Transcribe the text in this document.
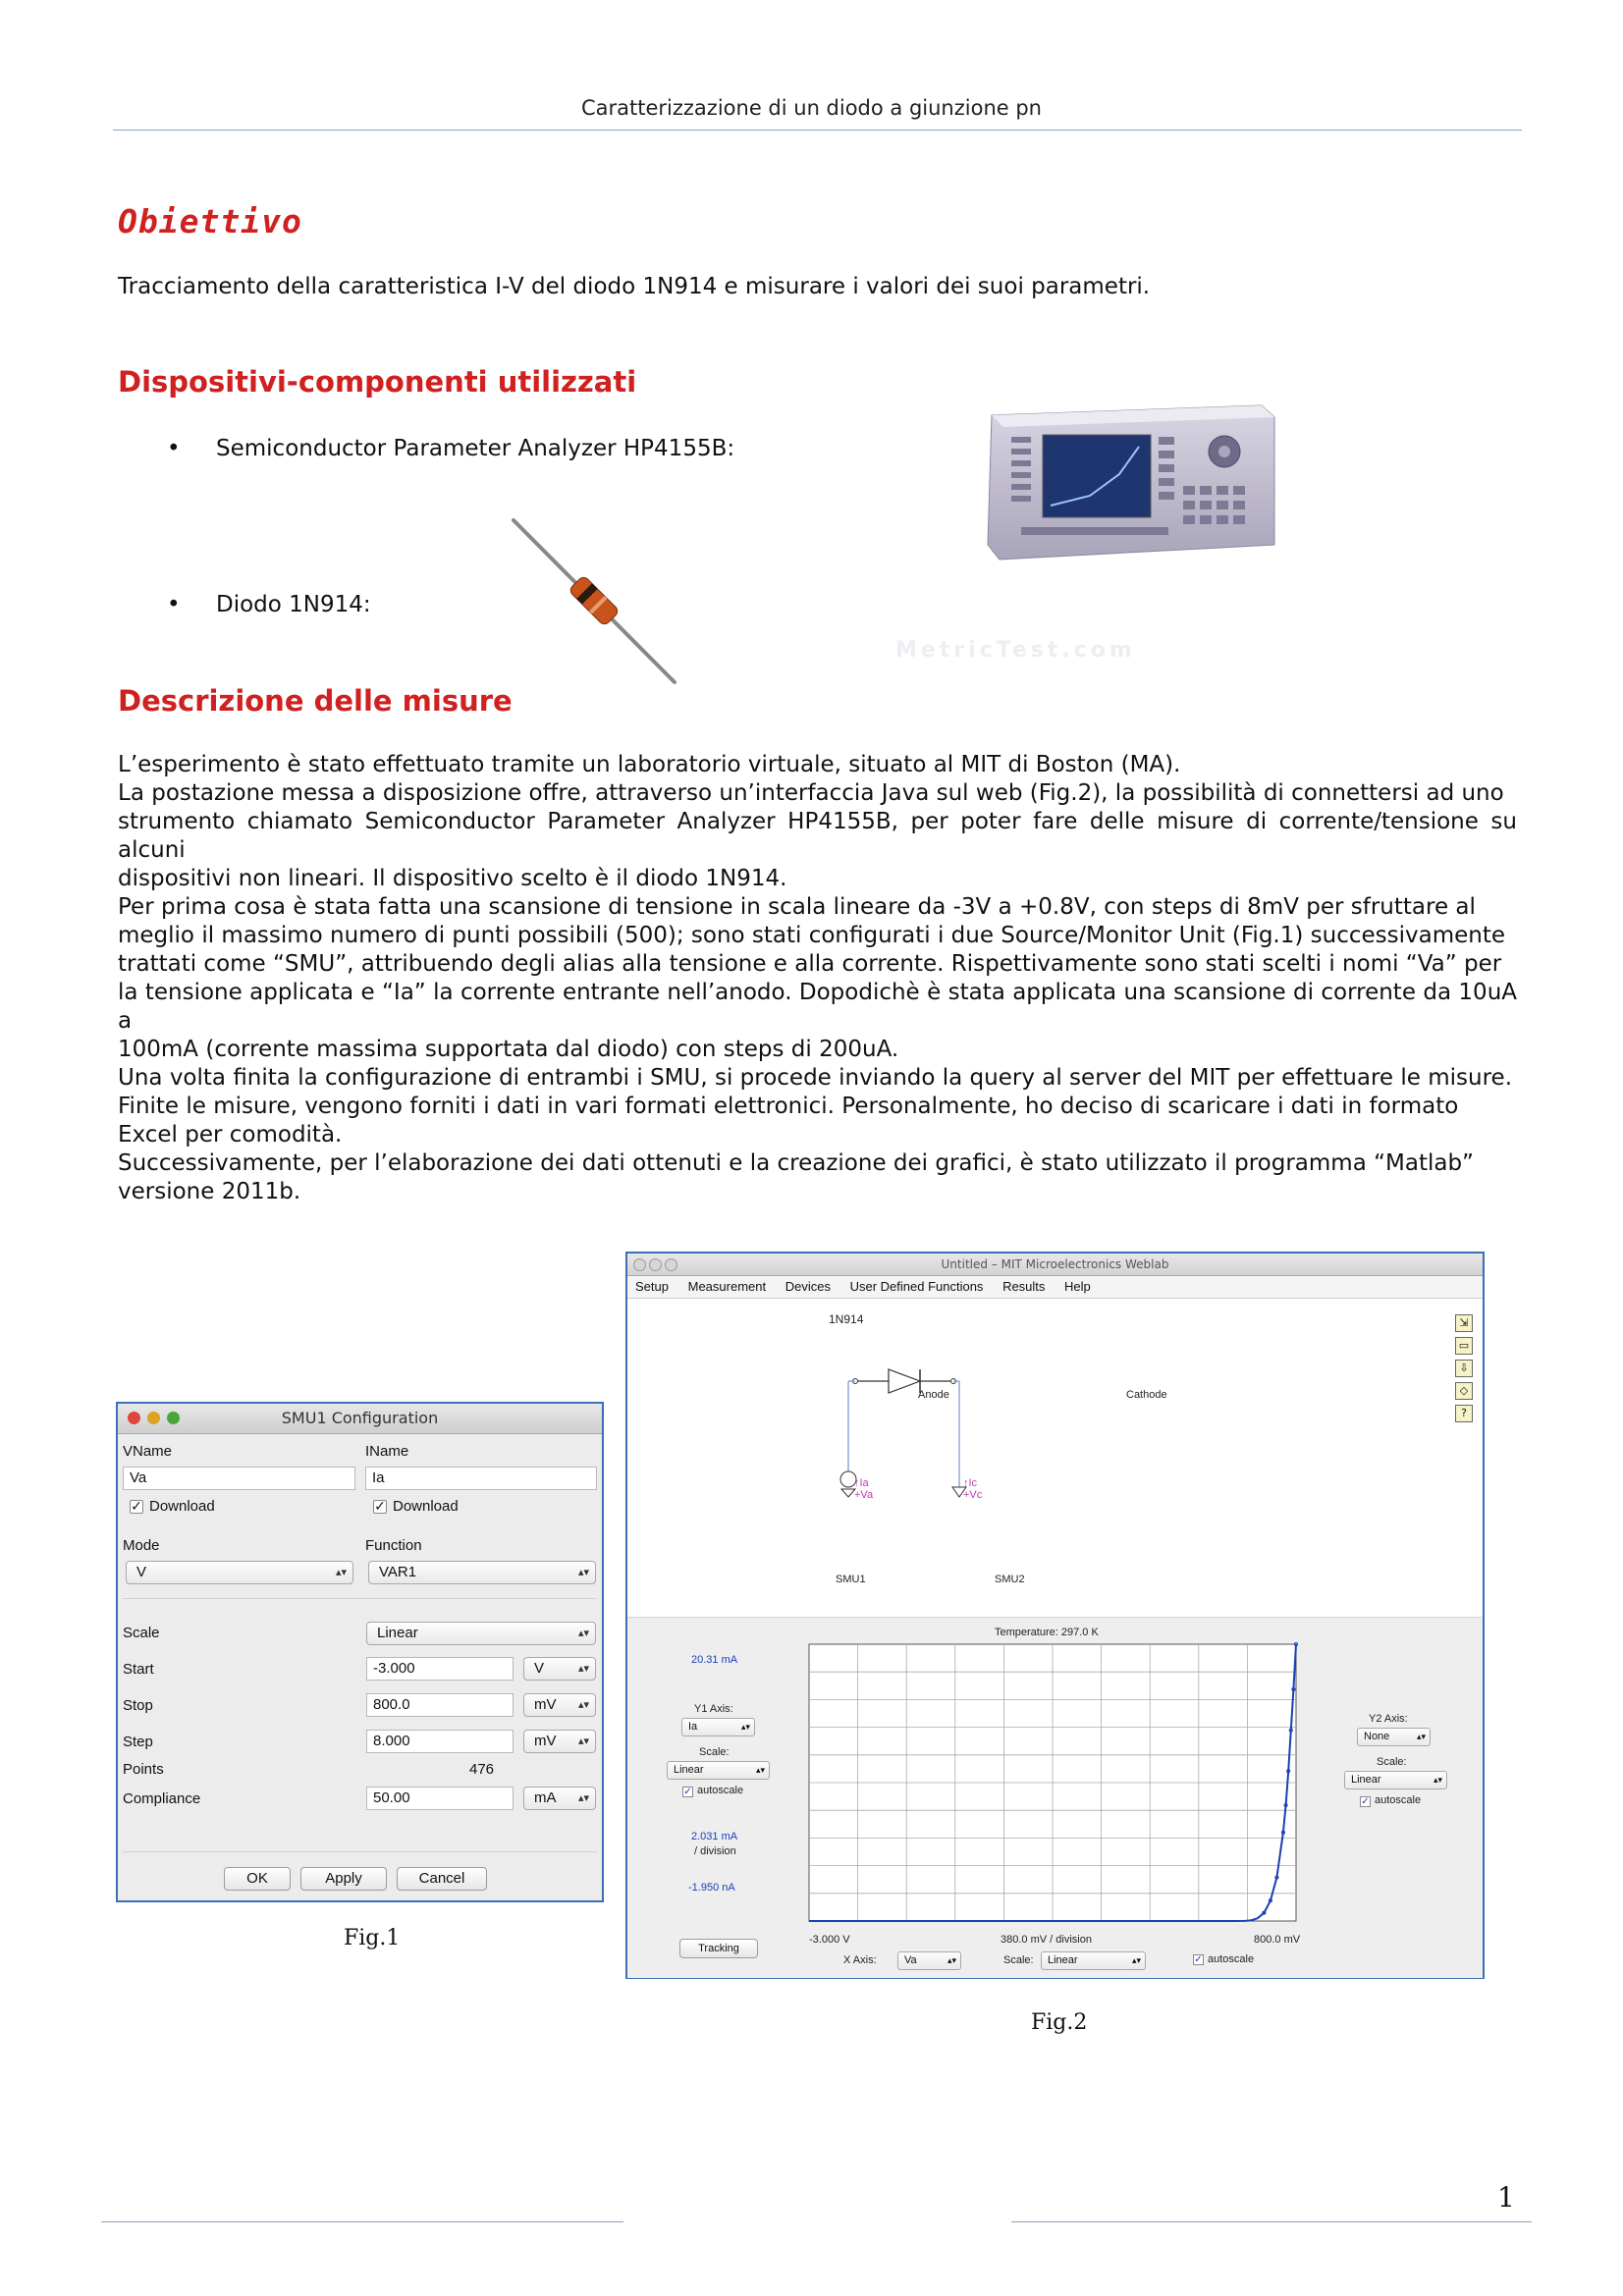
Caratterizzazione di un diodo a giunzione pn
Obiettivo
Tracciamento della caratteristica I-V del diodo 1N914 e misurare i valori dei suoi parametri.
Dispositivi-componenti utilizzati
• Semiconductor Parameter Analyzer HP4155B:
• Diodo 1N914:
MetricTest.com
Descrizione delle misure
L’esperimento è stato effettuato tramite un laboratorio virtuale, situato al MIT di Boston (MA).
La postazione messa a disposizione offre, attraverso un’interfaccia Java sul web (Fig.2), la possibilità di connettersi ad uno
strumento chiamato Semiconductor Parameter Analyzer HP4155B, per poter fare delle misure di corrente/tensione su alcuni
dispositivi non lineari. Il dispositivo scelto è il diodo 1N914.
Per prima cosa è stata fatta una scansione di tensione in scala lineare da -3V a +0.8V, con steps di 8mV per sfruttare al
meglio il massimo numero di punti possibili (500); sono stati configurati i due Source/Monitor Unit (Fig.1) successivamente
trattati come “SMU”, attribuendo degli alias alla tensione e alla corrente. Rispettivamente sono stati scelti i nomi “Va” per
la tensione applicata e “Ia” la corrente entrante nell’anodo. Dopodichè è stata applicata una scansione di corrente da 10uA a
100mA (corrente massima supportata dal diodo) con steps di 200uA.
Una volta finita la configurazione di entrambi i SMU, si procede inviando la query al server del MIT per effettuare le misure.
Finite le misure, vengono forniti i dati in vari formati elettronici. Personalmente, ho deciso di scaricare i dati in formato
Excel per comodità.
Successivamente, per l’elaborazione dei dati ottenuti e la creazione dei grafici, è stato utilizzato il programma “Matlab”
versione 2011b.
SMU1 Configuration
VName	IName
Va	Ia
✓ Download	✓ Download
Mode	Function
V	▴▾	VAR1	▴▾
Scale	Linear	▴▾
Start	-3.000	V	▴▾
Stop	800.0	mV ▴▾
Step	8.000	mV ▴▾
Points	476
Compliance	50.00	mA ▴▾
OK	Apply	Cancel
Fig.1
Untitled – MIT Microelectronics Weblab
Setup Measurement Devices User Defined Functions Results Help
1N914
Anode	Cathode
↑Ia
+Va
↑Ic
+Vc
SMU1	SMU2
⇲
▭
⇩
◇
?
Temperature: 297.0 K
20.31 mA
Y1 Axis:
Ia	▴▾
Scale:
Linear	▴▾
✓ autoscale
2.031 mA
/ division
-1.950 nA
Tracking
-3.000 V	380.0 mV / division	800.0 mV
X Axis:	Va	▴▾	Scale:	Linear	▴▾	✓ autoscale
Y2 Axis:
None	▴▾
Scale:
Linear	▴▾
✓ autoscale
Fig.2
1
